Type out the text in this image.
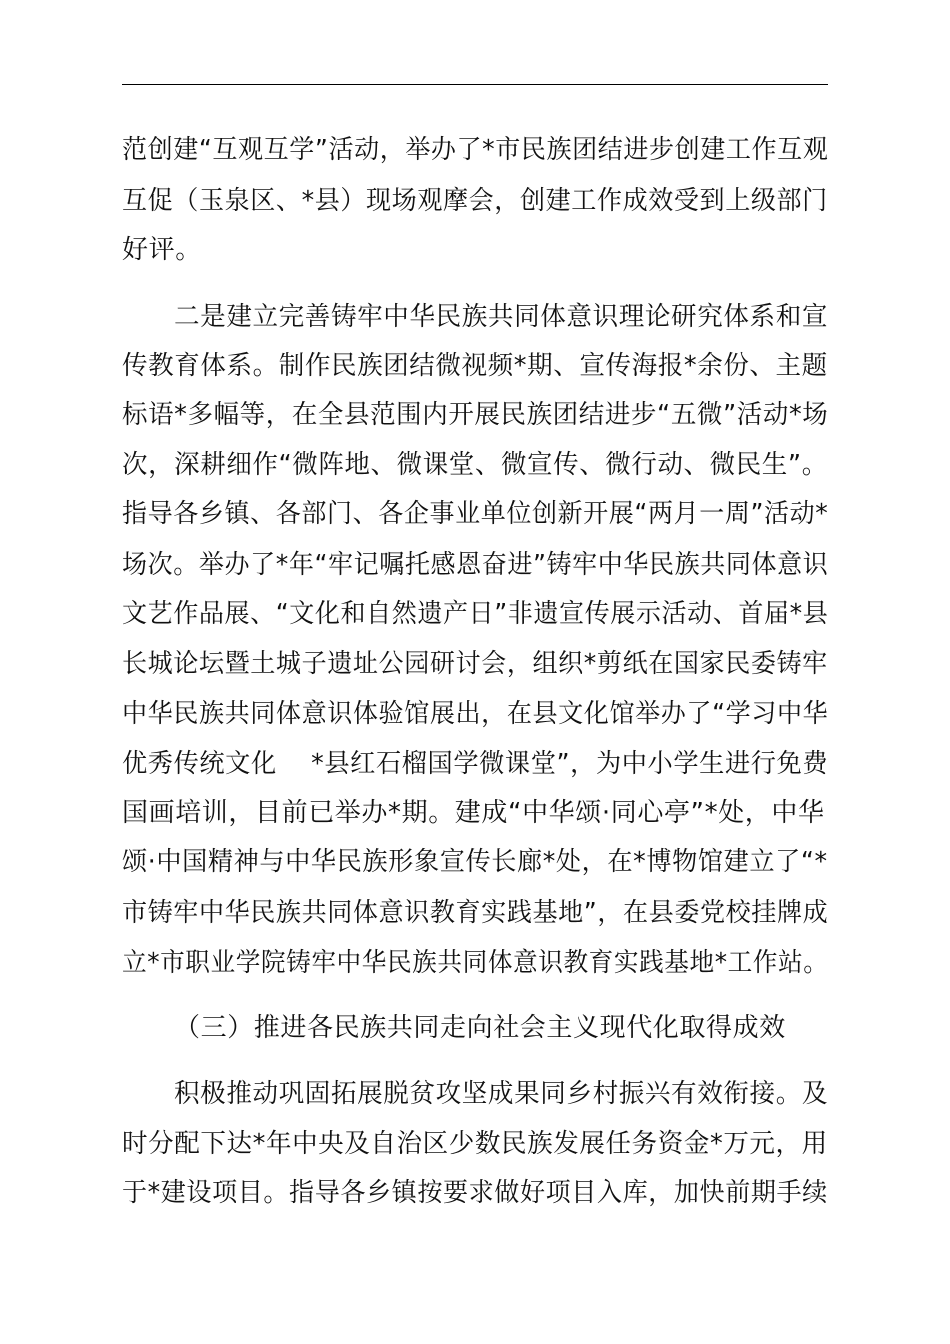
范创建“互观互学”活动，举办了*市民族团结进步创建工作互观
互促（玉泉区、*县）现场观摩会，创建工作成效受到上级部门
好评。
二是建立完善铸牢中华民族共同体意识理论研究体系和宣
传教育体系。制作民族团结微视频*期、宣传海报*余份、主题
标语*多幅等，在全县范围内开展民族团结进步“五微”活动*场
次，深耕细作“微阵地、微课堂、微宣传、微行动、微民生”。
指导各乡镇、各部门、各企事业单位创新开展“两月一周”活动*
场次。举办了*年“牢记嘱托感恩奋进”铸牢中华民族共同体意识
文艺作品展、“文化和自然遗产日”非遗宣传展示活动、首届*县
长城论坛暨土城子遗址公园研讨会，组织*剪纸在国家民委铸牢
中华民族共同体意识体验馆展出，在县文化馆举办了“学习中华
优秀传统文化    *县红石榴国学微课堂”，为中小学生进行免费
国画培训，目前已举办*期。建成“中华颂·同心亭”*处，中华
颂·中国精神与中华民族形象宣传长廊*处，在*博物馆建立了“*
市铸牢中华民族共同体意识教育实践基地”，在县委党校挂牌成
立*市职业学院铸牢中华民族共同体意识教育实践基地*工作站。
（三）推进各民族共同走向社会主义现代化取得成效
积极推动巩固拓展脱贫攻坚成果同乡村振兴有效衔接。及
时分配下达*年中央及自治区少数民族发展任务资金*万元，用
于*建设项目。指导各乡镇按要求做好项目入库，加快前期手续
